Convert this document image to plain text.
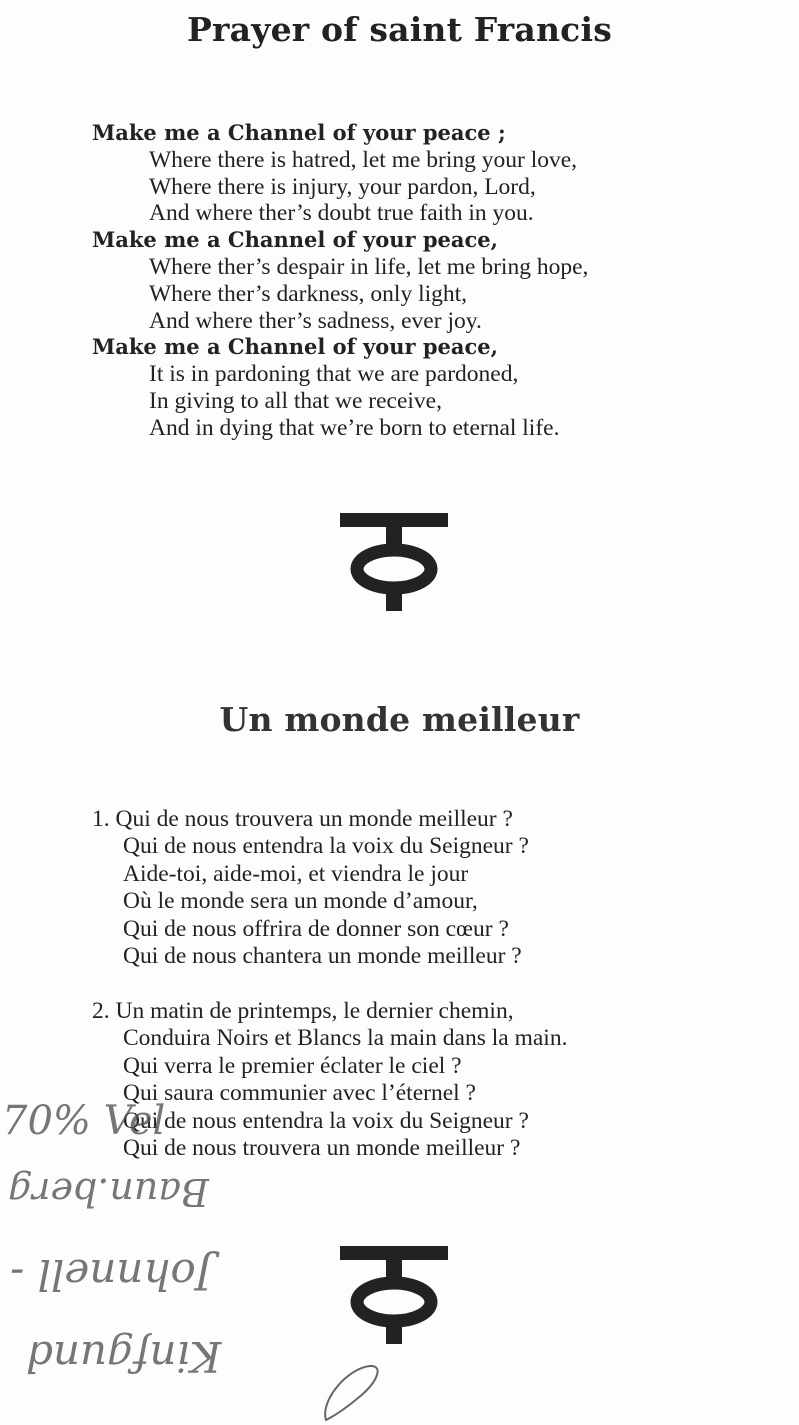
Prayer of saint Francis
Make me a Channel of your peace ;
Where there is hatred, let me bring your love,
Where there is injury, your pardon, Lord,
And where ther’s doubt true faith in you.
Make me a Channel of your peace,
Where ther’s despair in life, let me bring hope,
Where ther’s darkness, only light,
And where ther’s sadness, ever joy.
Make me a Channel of your peace,
It is in pardoning that we are pardoned,
In giving to all that we receive,
And in dying that we’re born to eternal life.
Un monde meilleur
1. Qui de nous trouvera un monde meilleur ?
Qui de nous entendra la voix du Seigneur ?
Aide-toi, aide-moi, et viendra le jour
Où le monde sera un monde d’amour,
Qui de nous offrira de donner son cœur ?
Qui de nous chantera un monde meilleur ?
2. Un matin de printemps, le dernier chemin,
Conduira Noirs et Blancs la main dans la main.
Qui verra le premier éclater le ciel ?
Qui saura communier avec l’éternel ?
Qui de nous entendra la voix du Seigneur ?
Qui de nous trouvera un monde meilleur ?
70% Vel
Baun.berg
Johnnell -
Kinfgund
